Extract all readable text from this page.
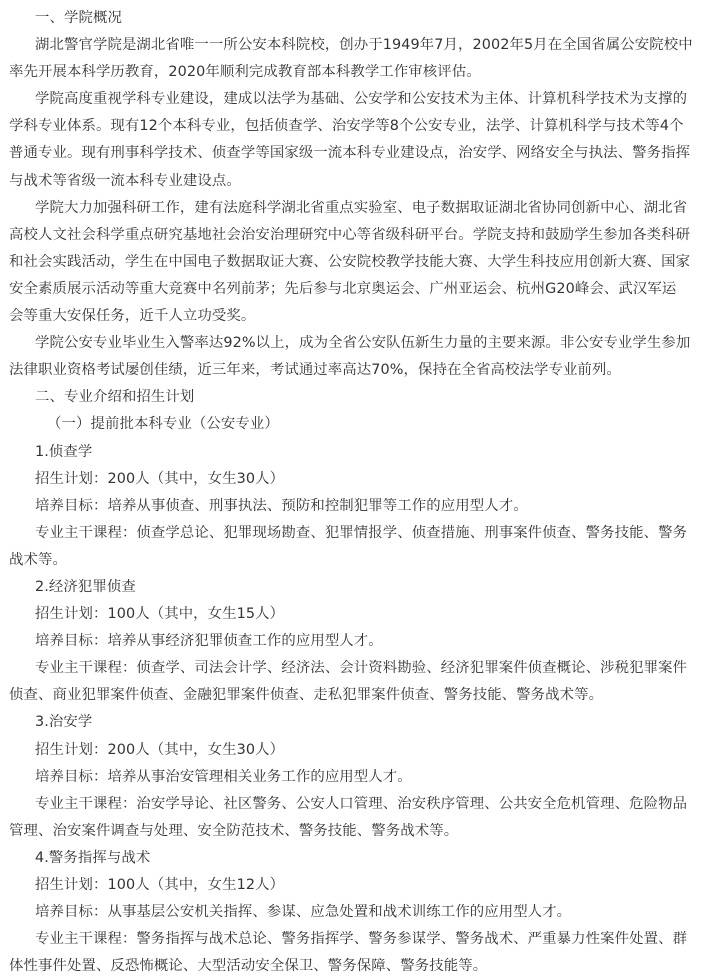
一、学院概况
湖北警官学院是湖北省唯一一所公安本科院校，创办于1949年7月，2002年5月在全国省属公安院校中
率先开展本科学历教育，2020年顺利完成教育部本科教学工作审核评估。
学院高度重视学科专业建设，建成以法学为基础、公安学和公安技术为主体、计算机科学技术为支撑的
学科专业体系。现有12个本科专业，包括侦查学、治安学等8个公安专业，法学、计算机科学与技术等4个
普通专业。现有刑事科学技术、侦查学等国家级一流本科专业建设点，治安学、网络安全与执法、警务指挥
与战术等省级一流本科专业建设点。
学院大力加强科研工作，建有法庭科学湖北省重点实验室、电子数据取证湖北省协同创新中心、湖北省
高校人文社会科学重点研究基地社会治安治理研究中心等省级科研平台。学院支持和鼓励学生参加各类科研
和社会实践活动，学生在中国电子数据取证大赛、公安院校教学技能大赛、大学生科技应用创新大赛、国家
安全素质展示活动等重大竞赛中名列前茅；先后参与北京奥运会、广州亚运会、杭州G20峰会、武汉军运
会等重大安保任务，近千人立功受奖。
学院公安专业毕业生入警率达92%以上，成为全省公安队伍新生力量的主要来源。非公安专业学生参加
法律职业资格考试屡创佳绩，近三年来，考试通过率高达70%，保持在全省高校法学专业前列。
二、专业介绍和招生计划
（一）提前批本科专业（公安专业）
1.侦查学
招生计划：200人（其中，女生30人）
培养目标：培养从事侦查、刑事执法、预防和控制犯罪等工作的应用型人才。
专业主干课程：侦查学总论、犯罪现场勘查、犯罪情报学、侦查措施、刑事案件侦查、警务技能、警务
战术等。
2.经济犯罪侦查
招生计划：100人（其中，女生15人）
培养目标：培养从事经济犯罪侦查工作的应用型人才。
专业主干课程：侦查学、司法会计学、经济法、会计资料勘验、经济犯罪案件侦查概论、涉税犯罪案件
侦查、商业犯罪案件侦查、金融犯罪案件侦查、走私犯罪案件侦查、警务技能、警务战术等。
3.治安学
招生计划：200人（其中，女生30人）
培养目标：培养从事治安管理相关业务工作的应用型人才。
专业主干课程：治安学导论、社区警务、公安人口管理、治安秩序管理、公共安全危机管理、危险物品
管理、治安案件调查与处理、安全防范技术、警务技能、警务战术等。
4.警务指挥与战术
招生计划：100人（其中，女生12人）
培养目标：从事基层公安机关指挥、参谋、应急处置和战术训练工作的应用型人才。
专业主干课程：警务指挥与战术总论、警务指挥学、警务参谋学、警务战术、严重暴力性案件处置、群
体性事件处置、反恐怖概论、大型活动安全保卫、警务保障、警务技能等。
